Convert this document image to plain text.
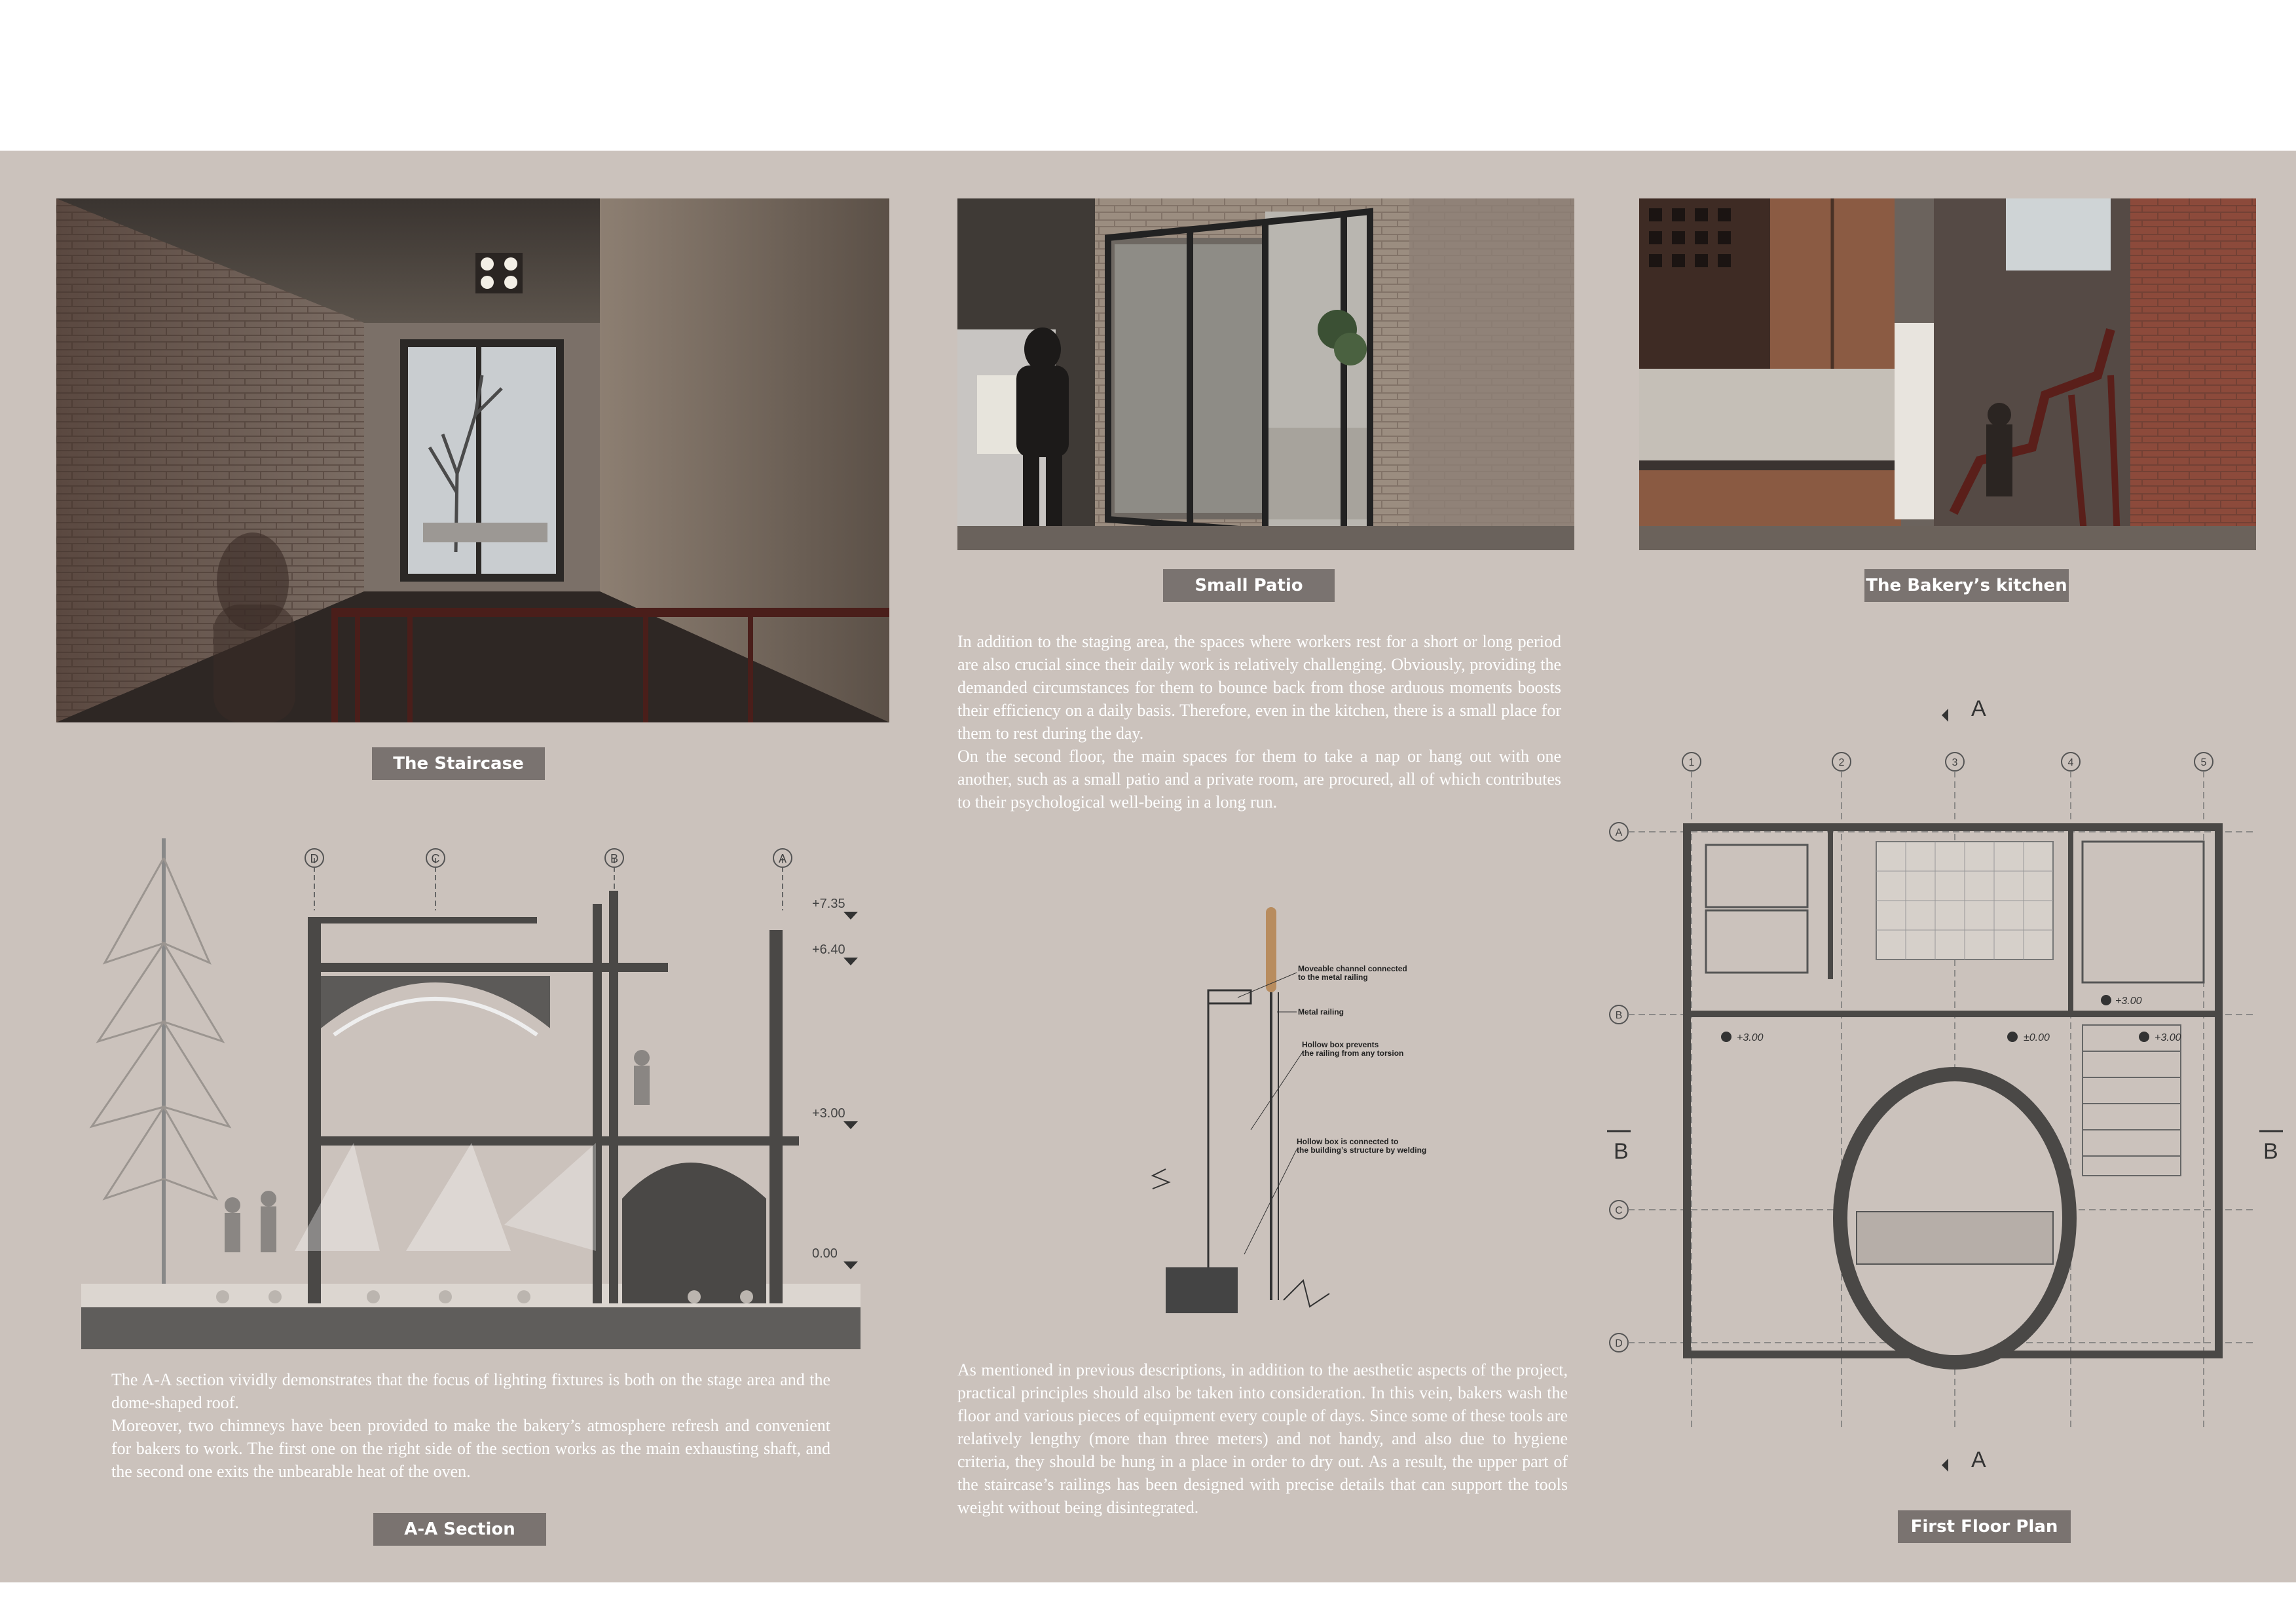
The Staircase
Small Patio	The Bakery’s kitchen
A-A Section	First Floor Plan

In addition to the staging area, the spaces where workers rest for a short or long period are also crucial since their daily work is relatively challenging. Obviously, providing the demanded circumstances for them to bounce back from those arduous moments boosts their efficiency on a daily basis. Therefore, even in the kitchen, there is a small place for them to rest during the day.

On the second floor, the main spaces for them to take a nap or hang out with one another, such as a small patio and a private room, are procured, all of which contributes to their psychological well-being in a long run.

The A-A section vividly demonstrates that the focus of lighting fixtures is both on the stage area and the dome-shaped roof.

Moreover, two chimneys have been provided to make the bakery’s atmosphere refresh and convenient for bakers to work. The first one on the right side of the section works as the main exhausting shaft, and the second one exits the unbearable heat of the oven.

As mentioned in previous descriptions, in addition to the aesthetic aspects of the project, practical principles should also be taken into consideration. In this vein, bakers wash the floor and various pieces of equipment every couple of days. Since some of these tools are relatively lengthy (more than three meters) and not handy, and also due to hygiene criteria, they should be hung in a place in order to dry out. As a result, the upper part of the staircase’s railings has been designed with precise details that can support the tools weight without being disintegrated.

D	C	B	A
+7.35
+6.40
+3.00
0.00
Moveable channel connected
to the metal railing
Metal railing
Hollow box prevents
the railing from any torsion
Hollow box is connected to
the building’s structure by welding
A
A
B	B
1	2	3	4	5
A
B
C
D
+3.00
+3.00
±0.00	+3.00
